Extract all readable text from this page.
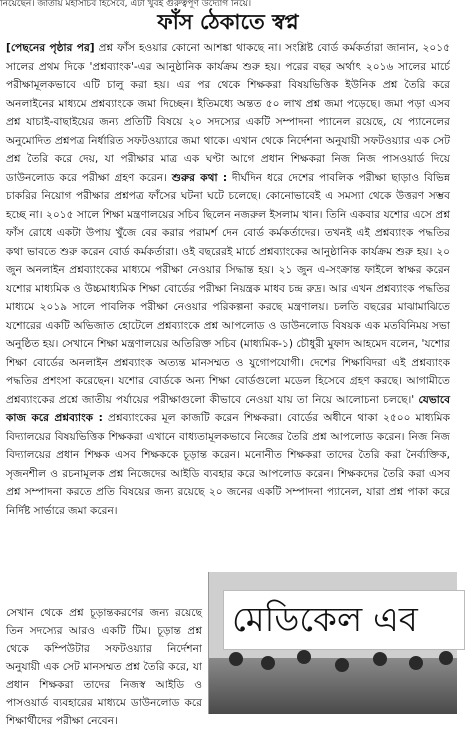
নিয়েছেন। জাতীয় মহাসচিব হিসেবে, এটা খুবই গুরুত্বপূর্ণ উদ্যোগ নিয়ে।
ফাঁস ঠেকাতে স্বপ্ন

[পেছনের পৃষ্ঠার পর] প্রশ্ন ফাঁস হওয়ার কোনো আশঙ্কা থাকছে না। সংশ্লিষ্ট বোর্ড কর্মকর্তারা জানান, ২০১৫ সালের প্রথম দিকে 'প্রশ্নব্যাংক'-এর আনুষ্ঠানিক কার্যক্রম শুরু হয়। পরের বছর অর্থাৎ ২০১৬ সালের মার্চে পরীক্ষামূলকভাবে এটি চালু করা হয়। এর পর থেকে শিক্ষকরা বিষয়ভিত্তিক ইউনিক প্রশ্ন তৈরি করে অনলাইনের মাধ্যমে প্রশ্নব্যাংকে জমা দিচ্ছেন। ইতিমধ্যে অন্তত ৫০ লাখ প্রশ্ন জমা পড়েছে। জমা পড়া এসব প্রশ্ন যাচাই-বাছাইয়ের জন্য প্রতিটি বিষয়ে ২০ সদস্যের একটি সম্পাদনা প্যানেল রয়েছে, যে প্যানেলের অনুমোদিত প্রশ্নপত্র নির্ধারিত সফটওয়্যারে জমা থাকে। এখান থেকে নির্দেশনা অনুযায়ী সফটওয়্যার এক সেট প্রশ্ন তৈরি করে দেয়, যা পরীক্ষার মাত্র এক ঘণ্টা আগে প্রধান শিক্ষকরা নিজ নিজ পাসওয়ার্ড দিয়ে ডাউনলোড করে পরীক্ষা গ্রহণ করেন। শুরুর কথা : দীর্ঘদিন ধরে দেশের পাবলিক পরীক্ষা ছাড়াও বিভিন্ন চাকরির নিয়োগ পরীক্ষার প্রশ্নপত্র ফাঁসের ঘটনা ঘটে চলেছে। কোনোভাবেই এ সমস্যা থেকে উত্তরণ সম্ভব হচ্ছে না। ২০১৫ সালে শিক্ষা মন্ত্রণালয়ের সচিব ছিলেন নজরুল ইসলাম খান। তিনি একবার যশোর এসে প্রশ্ন ফাঁস রোধে একটা উপায় খুঁজে বের করার পরামর্শ দেন বোর্ড কর্মকর্তাদের। তখনই এই প্রশ্নব্যাংক পদ্ধতির কথা ভাবতে শুরু করেন বোর্ড কর্মকর্তারা। ওই বছরেরই মার্চে প্রশ্নব্যাংকের আনুষ্ঠানিক কার্যক্রম শুরু হয়। ২০ জুন অনলাইন প্রশ্নব্যাংকের মাধ্যমে পরীক্ষা নেওয়ার সিদ্ধান্ত হয়। ২১ জুন এ-সংক্রান্ত ফাইলে স্বাক্ষর করেন যশোর মাধ্যমিক ও উচ্চমাধ্যমিক শিক্ষা বোর্ডের পরীক্ষা নিয়ন্ত্রক মাধব চন্দ্র রুদ্র। আর এখন প্রশ্নব্যাংক পদ্ধতির মাধ্যমে ২০১৯ সালে পাবলিক পরীক্ষা নেওয়ার পরিকল্পনা করছে মন্ত্রণালয়। চলতি বছরের মাঝামাঝিতে যশোরের একটি অভিজাত হোটেলে প্রশ্নব্যাংকে প্রশ্ন আপলোড ও ডাউনলোড বিষয়ক এক মতবিনিময় সভা অনুষ্ঠিত হয়। সেখানে শিক্ষা মন্ত্রণালয়ের অতিরিক্ত সচিব (মাধ্যমিক-১) চৌধুরী মুফাদ আহমেদ বলেন, 'যশোর শিক্ষা বোর্ডের অনলাইন প্রশ্নব্যাংক অত্যন্ত মানসম্মত ও যুগোপযোগী। দেশের শিক্ষাবিদরা এই প্রশ্নব্যাংক পদ্ধতির প্রশংসা করেছেন। যশোর বোর্ডকে অন্য শিক্ষা বোর্ডগুলো মডেল হিসেবে গ্রহণ করছে। আগামীতে প্রশ্নব্যাংকের প্রশ্নে জাতীয় পর্যায়ের পরীক্ষাগুলো কীভাবে নেওয়া যায় তা নিয়ে আলোচনা চলছে।' যেভাবে কাজ করে প্রশ্নব্যাংক : প্রশ্নব্যাংকের মূল কাজটি করেন শিক্ষকরা। বোর্ডের অধীনে থাকা ২৫০০ মাধ্যমিক বিদ্যালয়ের বিষয়ভিত্তিক শিক্ষকরা এখানে বাধ্যতামূলকভাবে নিজের তৈরি প্রশ্ন আপলোড করেন। নিজ নিজ বিদ্যালয়ের প্রধান শিক্ষক এসব শিক্ষককে চূড়ান্ত করেন। মনোনীত শিক্ষকরা তাদের তৈরি করা নৈর্ব্যক্তিক, সৃজনশীল ও রচনামূলক প্রশ্ন নিজেদের আইডি ব্যবহার করে আপলোড করেন। শিক্ষকদের তৈরি করা এসব প্রশ্ন সম্পাদনা করতে প্রতি বিষয়ের জন্য রয়েছে ২০ জনের একটি সম্পাদনা প্যানেল, যারা প্রশ্ন পাকা করে নির্দিষ্ট সার্ভারে জমা করেন।

সেখান থেকে প্রশ্ন চূড়ান্তকরণের জন্য রয়েছে তিন সদস্যের আরও একটি টিম। চূড়ান্ত প্রশ্ন থেকে কম্পিউটার সফটওয়্যার নির্দেশনা অনুযায়ী এক সেট মানসম্মত প্রশ্ন তৈরি করে, যা প্রধান শিক্ষকরা তাদের নিজস্ব আইডি ও পাসওয়ার্ড ব্যবহারের মাধ্যমে ডাউনলোড করে শিক্ষার্থীদের পরীক্ষা নেবেন।
মেডিকেল এব
